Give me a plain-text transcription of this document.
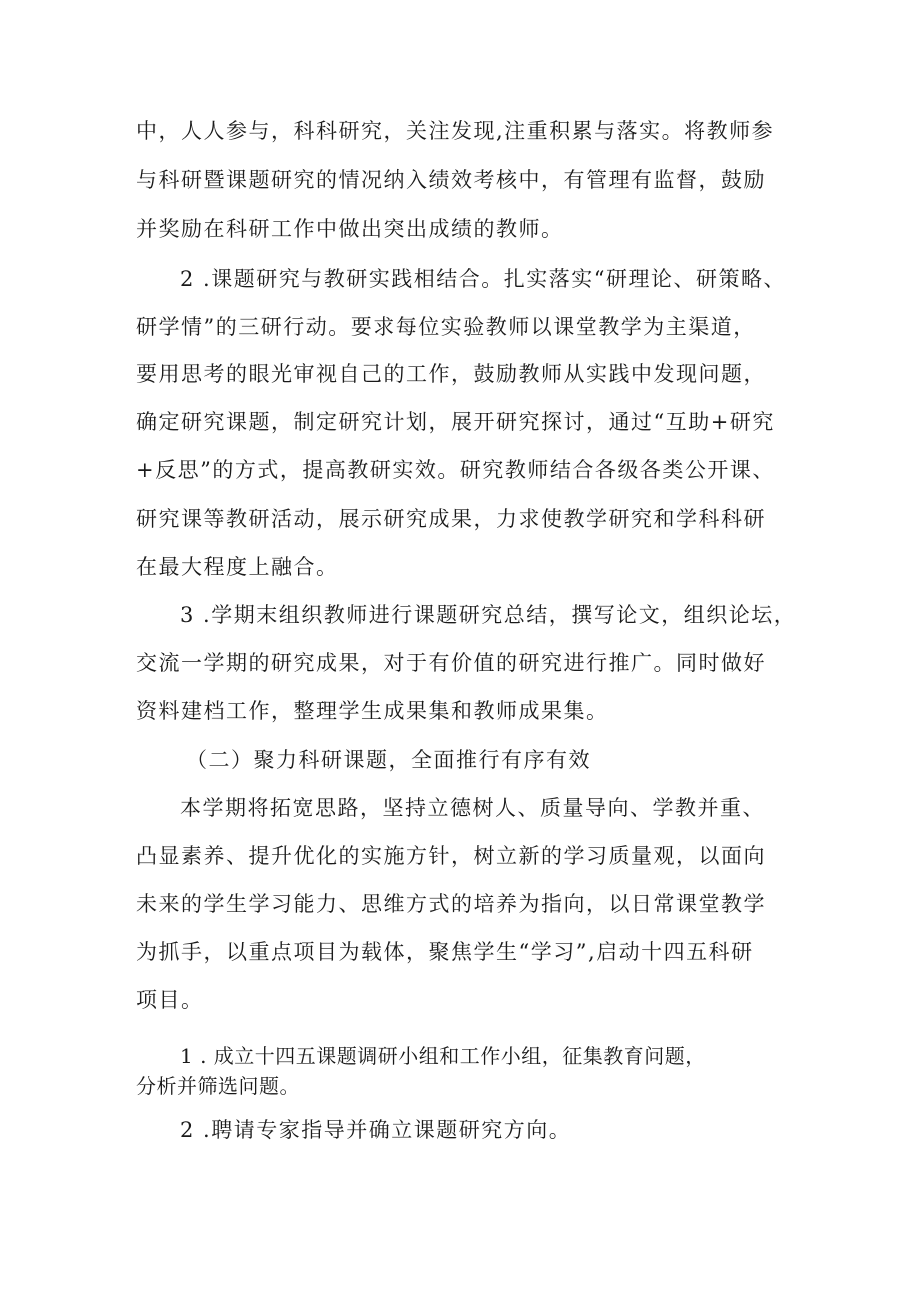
中，人人参与，科科研究，关注发现,注重积累与落实。将教师参
与科研暨课题研究的情况纳入绩效考核中，有管理有监督，鼓励
并奖励在科研工作中做出突出成绩的教师。
2 .课题研究与教研实践相结合。扎实落实“研理论、研策略、
研学情”的三研行动。要求每位实验教师以课堂教学为主渠道，
要用思考的眼光审视自己的工作，鼓励教师从实践中发现问题，
确定研究课题，制定研究计划，展开研究探讨，通过“互助+研究
+反思”的方式，提高教研实效。研究教师结合各级各类公开课、
研究课等教研活动，展示研究成果，力求使教学研究和学科科研
在最大程度上融合。
3 .学期末组织教师进行课题研究总结，撰写论文，组织论坛，
交流一学期的研究成果，对于有价值的研究进行推广。同时做好
资料建档工作，整理学生成果集和教师成果集。
（二）聚力科研课题，全面推行有序有效
本学期将拓宽思路，坚持立德树人、质量导向、学教并重、
凸显素养、提升优化的实施方针，树立新的学习质量观，以面向
未来的学生学习能力、思维方式的培养为指向，以日常课堂教学
为抓手，以重点项目为载体，聚焦学生“学习”,启动十四五科研
项目。
1 . 成立十四五课题调研小组和工作小组，征集教育问题，
分析并筛选问题。
2 .聘请专家指导并确立课题研究方向。
